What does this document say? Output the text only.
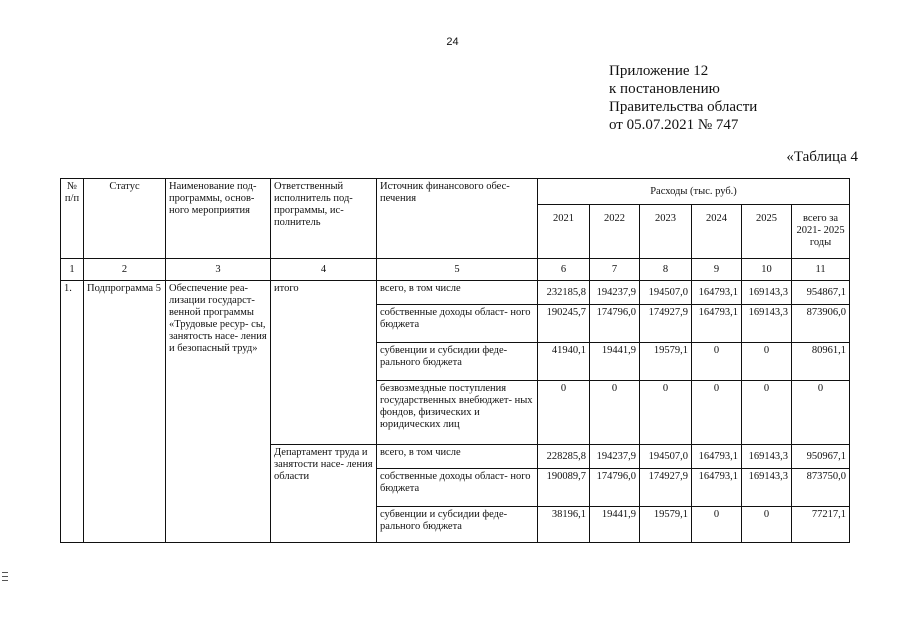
24
Приложение 12
к постановлению
Правительства области
от 05.07.2021 № 747
«Таблица 4
№ п/п	Статус	Наименование под- программы, основ- ного мероприятия	Ответственный исполнитель под- программы, ис- полнитель	Источник финансового обес- печения	Расходы (тыс. руб.)					
					2021	2022	2023	2024	2025	всего за 2021- 2025 годы
1	2	3	4	5	6	7	8	9	10	11
1.	Подпрограмма 5	Обеспечение реа- лизации государст- венной программы «Трудовые ресур- сы, занятость насе- ления и безопасный труд»	итого	всего, в том числе	232185,8	194237,9	194507,0	164793,1	169143,3	954867,1
				собственные доходы област- ного бюджета	190245,7	174796,0	174927,9	164793,1	169143,3	873906,0
				субвенции и субсидии феде- рального бюджета	41940,1	19441,9	19579,1	0	0	80961,1
				безвозмездные поступления государственных внебюджет- ных фондов, физических и юридических лиц	0	0	0	0	0	0
			Департамент труда и занятости насе- ления области	всего, в том числе	228285,8	194237,9	194507,0	164793,1	169143,3	950967,1
				собственные доходы област- ного бюджета	190089,7	174796,0	174927,9	164793,1	169143,3	873750,0
				субвенции и субсидии феде- рального бюджета	38196,1	19441,9	19579,1	0	0	77217,1
